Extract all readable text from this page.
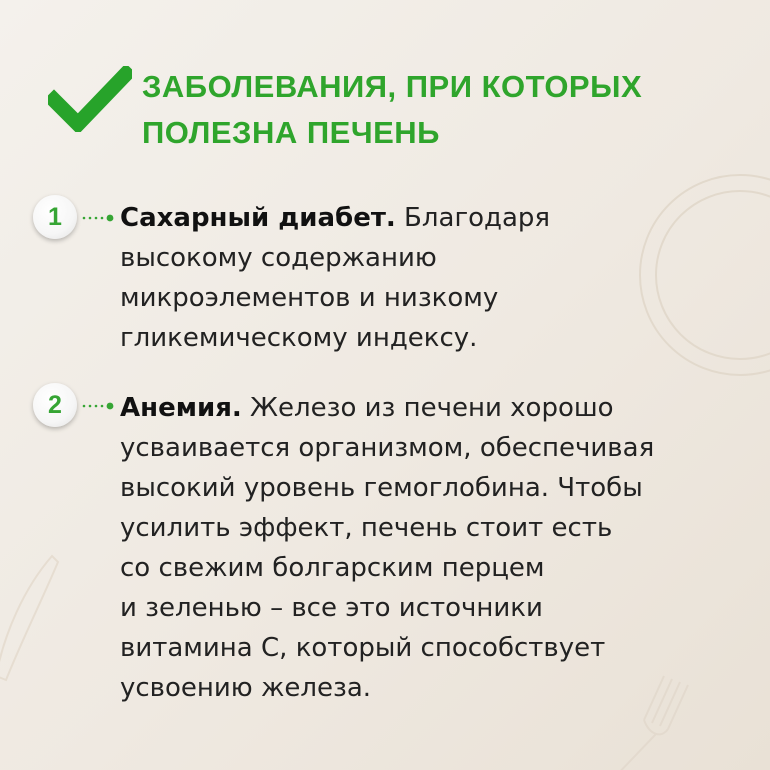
ЗАБОЛЕВАНИЯ, ПРИ КОТОРЫХ
ПОЛЕЗНА ПЕЧЕНЬ
1	Сахарный диабет. Благодаря
высокому содержанию
микроэлементов и низкому
гликемическому индексу.

2	Анемия. Железо из печени хорошо
усваивается организмом, обеспечивая
высокий уровень гемоглобина. Чтобы
усилить эффект, печень стоит есть
со свежим болгарским перцем
и зеленью – все это источники
витамина С, который способствует
усвоению железа.
